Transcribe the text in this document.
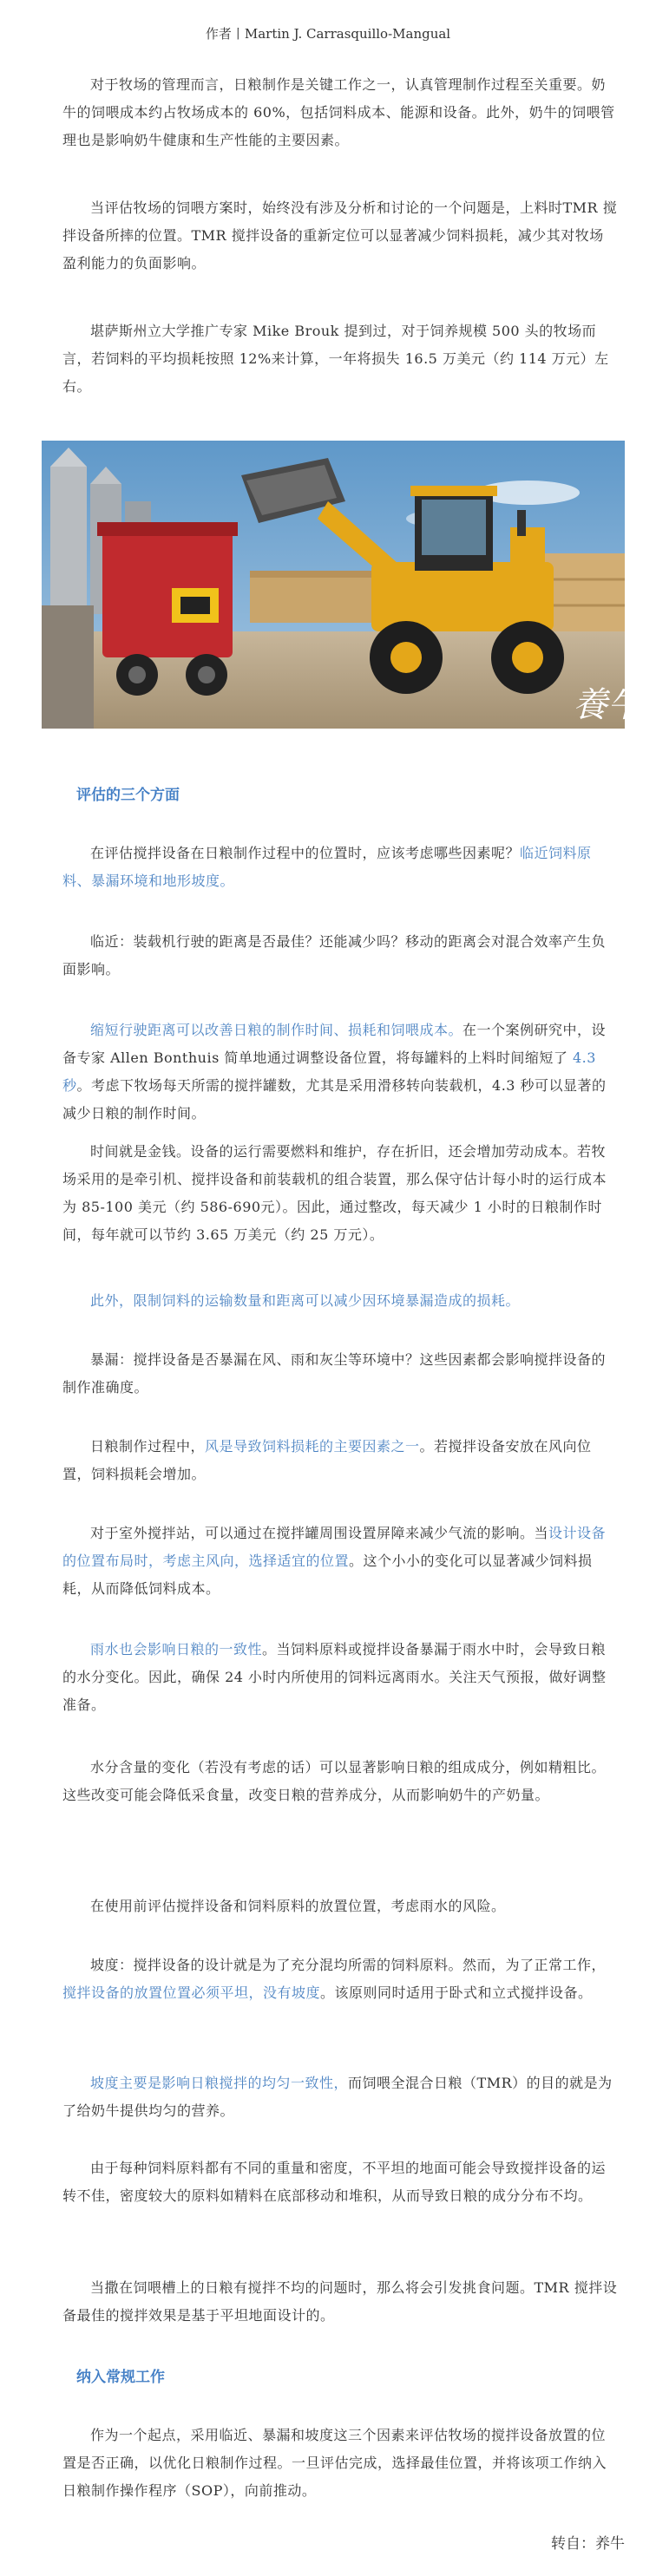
作者丨Martin J. Carrasquillo-Mangual

对于牧场的管理而言，日粮制作是关键工作之一，认真管理制作过程至关重要。奶牛的饲喂成本约占牧场成本的 60%，包括饲料成本、能源和设备。此外，奶牛的饲喂管理也是影响奶牛健康和生产性能的主要因素。

当评估牧场的饲喂方案时，始终没有涉及分析和讨论的一个问题是，上料时TMR 搅拌设备所摔的位置。TMR 搅拌设备的重新定位可以显著减少饲料损耗，减少其对牧场盈利能力的负面影响。

堪萨斯州立大学推广专家 Mike Brouk 提到过，对于饲养规模 500 头的牧场而言，若饲料的平均损耗按照 12%来计算，一年将损失 16.5 万美元（约 114 万元）左右。

養牛
评估的三个方面

在评估搅拌设备在日粮制作过程中的位置时，应该考虑哪些因素呢？临近饲料原料、暴漏环境和地形坡度。

临近：装载机行驶的距离是否最佳？还能减少吗？移动的距离会对混合效率产生负面影响。

缩短行驶距离可以改善日粮的制作时间、损耗和饲喂成本。在一个案例研究中，设备专家 Allen Bonthuis 简单地通过调整设备位置，将每罐料的上料时间缩短了 4.3 秒。考虑下牧场每天所需的搅拌罐数，尤其是采用滑移转向装载机，4.3 秒可以显著的减少日粮的制作时间。

时间就是金钱。设备的运行需要燃料和维护，存在折旧，还会增加劳动成本。若牧场采用的是牵引机、搅拌设备和前装载机的组合装置，那么保守估计每小时的运行成本为 85-100 美元（约 586-690元）。因此，通过整改，每天减少 1 小时的日粮制作时间，每年就可以节约 3.65 万美元（约 25 万元）。

此外，限制饲料的运输数量和距离可以减少因环境暴漏造成的损耗。

暴漏：搅拌设备是否暴漏在风、雨和灰尘等环境中？这些因素都会影响搅拌设备的制作准确度。

日粮制作过程中，风是导致饲料损耗的主要因素之一。若搅拌设备安放在风向位置，饲料损耗会增加。

对于室外搅拌站，可以通过在搅拌罐周围设置屏障来减少气流的影响。当设计设备的位置布局时，考虑主风向，选择适宜的位置。这个小小的变化可以显著减少饲料损耗，从而降低饲料成本。

雨水也会影响日粮的一致性。当饲料原料或搅拌设备暴漏于雨水中时，会导致日粮的水分变化。因此，确保 24 小时内所使用的饲料远离雨水。关注天气预报，做好调整准备。

水分含量的变化（若没有考虑的话）可以显著影响日粮的组成成分，例如精粗比。这些改变可能会降低采食量，改变日粮的营养成分，从而影响奶牛的产奶量。

在使用前评估搅拌设备和饲料原料的放置位置，考虑雨水的风险。

坡度：搅拌设备的设计就是为了充分混均所需的饲料原料。然而，为了正常工作，搅拌设备的放置位置必须平坦，没有坡度。该原则同时适用于卧式和立式搅拌设备。

坡度主要是影响日粮搅拌的均匀一致性，而饲喂全混合日粮（TMR）的目的就是为了给奶牛提供均匀的营养。

由于每种饲料原料都有不同的重量和密度，不平坦的地面可能会导致搅拌设备的运转不佳，密度较大的原料如精料在底部移动和堆积，从而导致日粮的成分分布不均。

当撒在饲喂槽上的日粮有搅拌不均的问题时，那么将会引发挑食问题。TMR 搅拌设备最佳的搅拌效果是基于平坦地面设计的。

纳入常规工作

作为一个起点，采用临近、暴漏和坡度这三个因素来评估牧场的搅拌设备放置的位置是否正确，以优化日粮制作过程。一旦评估完成，选择最佳位置，并将该项工作纳入日粮制作操作程序（SOP），向前推动。

转自：养牛
